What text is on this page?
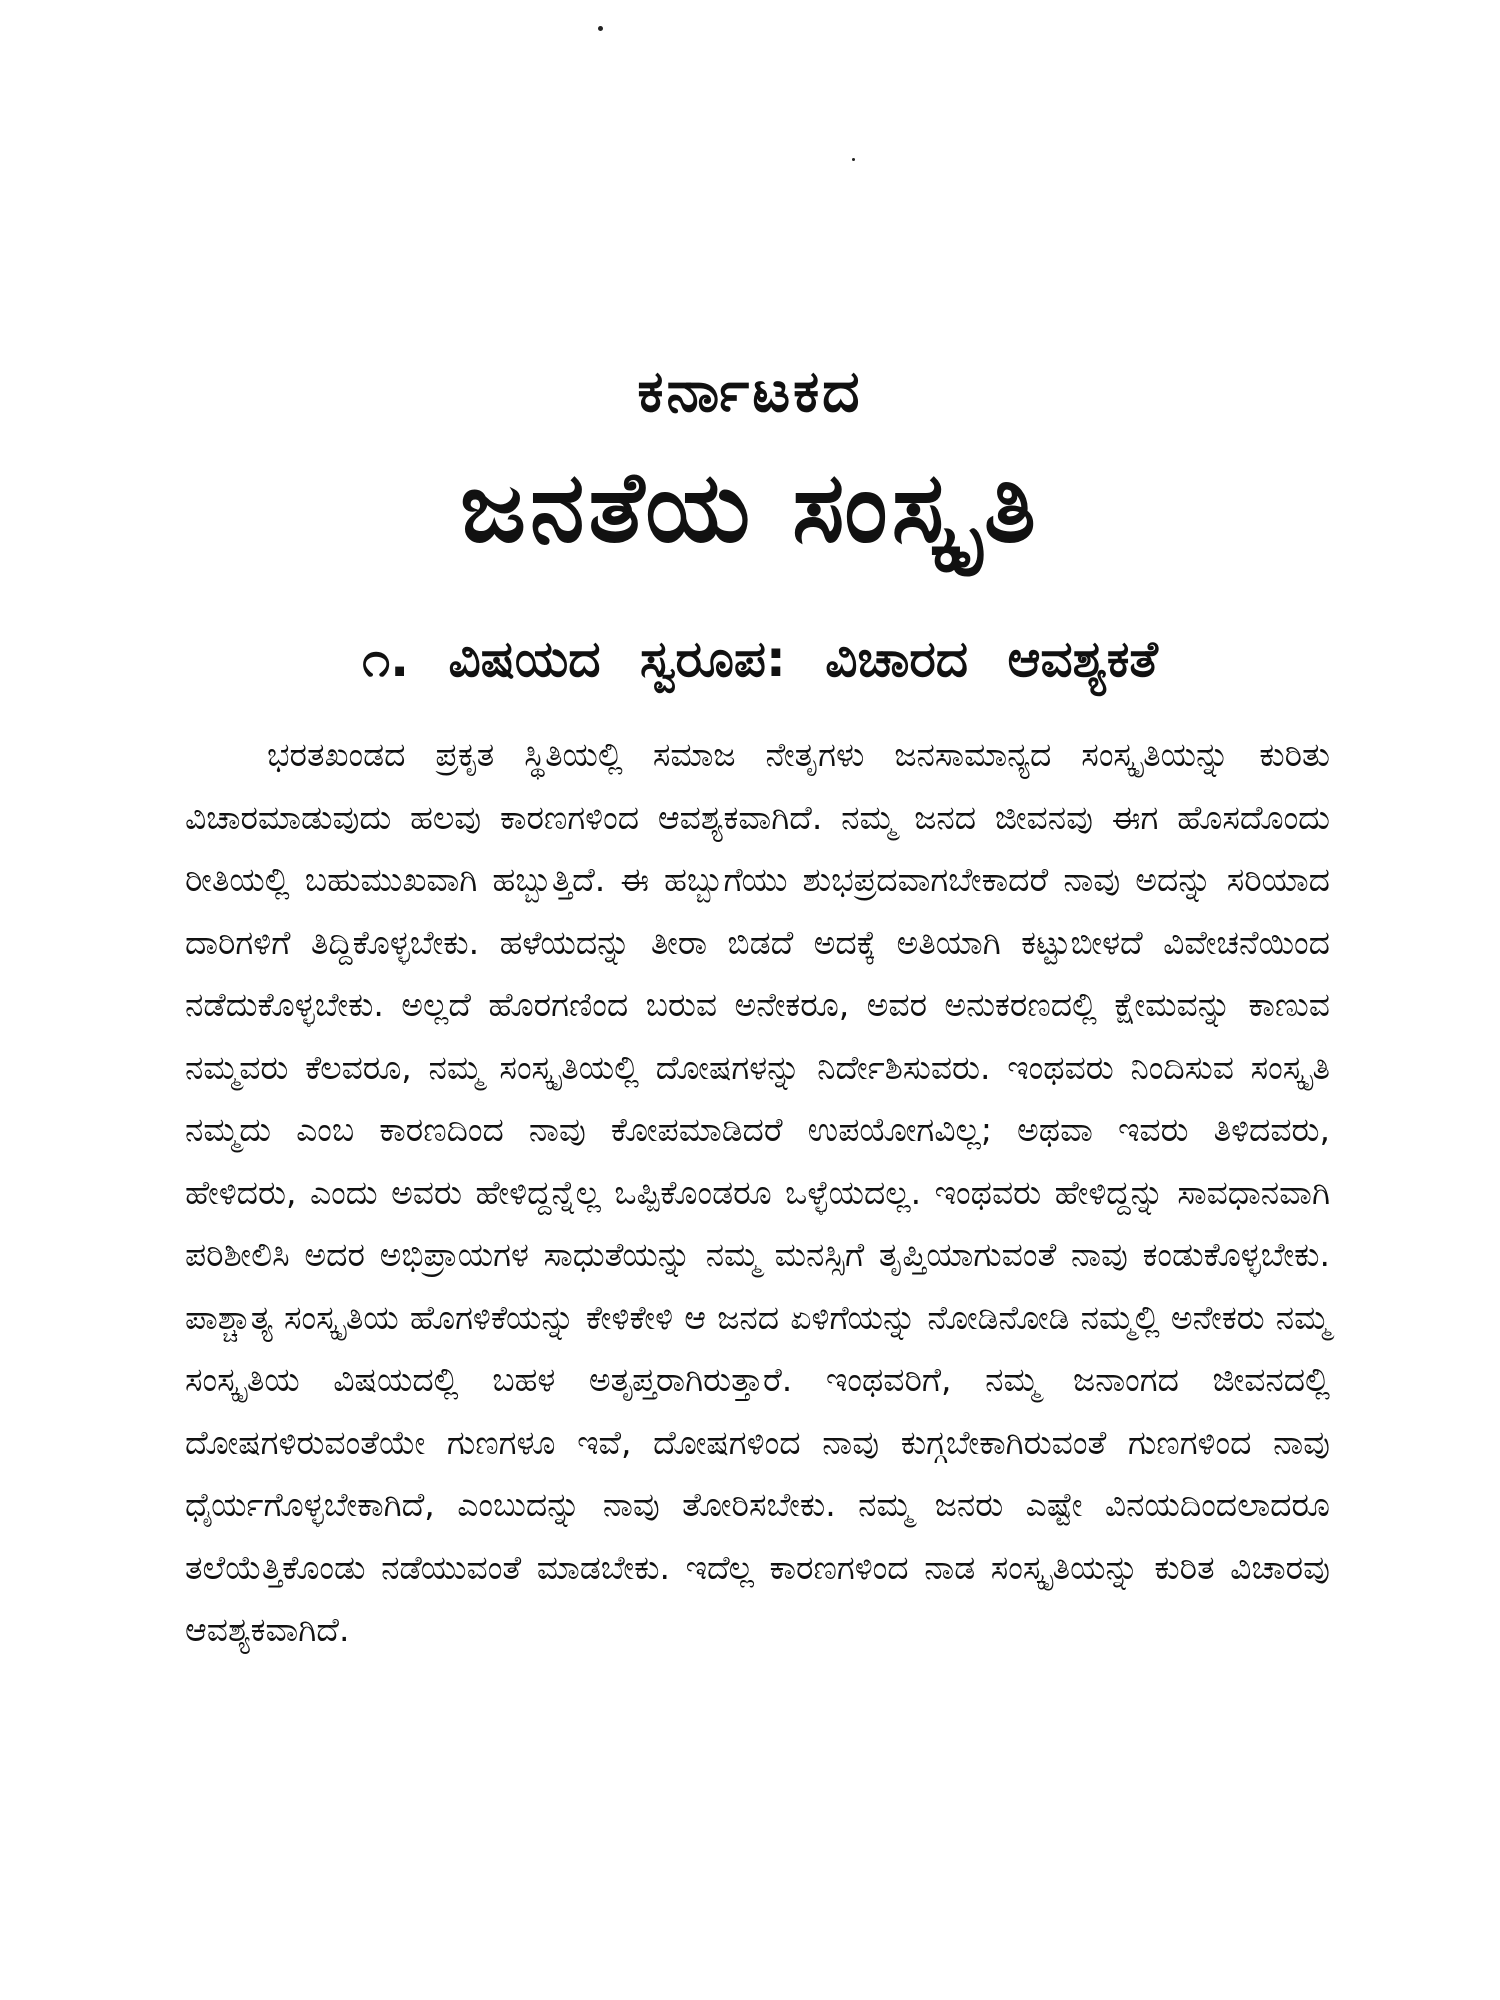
ಕರ್ನಾಟಕದ
ಜನತೆಯ ಸಂಸ್ಕೃತಿ
೧. ವಿಷಯದ ಸ್ವರೂಪ: ವಿಚಾರದ ಆವಶ್ಯಕತೆ

ಭರತಖಂಡದ ಪ್ರಕೃತ ಸ್ಥಿತಿಯಲ್ಲಿ ಸಮಾಜ ನೇತೃಗಳು ಜನಸಾಮಾನ್ಯದ ಸಂಸ್ಕೃತಿಯನ್ನು ಕುರಿತು ವಿಚಾರಮಾಡುವುದು ಹಲವು ಕಾರಣಗಳಿಂದ ಆವಶ್ಯಕವಾಗಿದೆ. ನಮ್ಮ ಜನದ ಜೀವನವು ಈಗ ಹೊಸದೊಂದು ರೀತಿಯಲ್ಲಿ ಬಹುಮುಖವಾಗಿ ಹಬ್ಬುತ್ತಿದೆ. ಈ ಹಬ್ಬುಗೆಯು ಶುಭಪ್ರದವಾಗಬೇಕಾದರೆ ನಾವು ಅದನ್ನು ಸರಿಯಾದ ದಾರಿಗಳಿಗೆ ತಿದ್ದಿಕೊಳ್ಳಬೇಕು. ಹಳೆಯದನ್ನು ತೀರಾ ಬಿಡದೆ ಅದಕ್ಕೆ ಅತಿಯಾಗಿ ಕಟ್ಟುಬೀಳದೆ ವಿವೇಚನೆಯಿಂದ ನಡೆದುಕೊಳ್ಳಬೇಕು. ಅಲ್ಲದೆ ಹೊರಗಣಿಂದ ಬರುವ ಅನೇಕರೂ, ಅವರ ಅನುಕರಣದಲ್ಲಿ ಕ್ಷೇಮವನ್ನು ಕಾಣುವ ನಮ್ಮವರು ಕೆಲವರೂ, ನಮ್ಮ ಸಂಸ್ಕೃತಿಯಲ್ಲಿ ದೋಷಗಳನ್ನು ನಿರ್ದೇಶಿಸುವರು. ಇಂಥವರು ನಿಂದಿಸುವ ಸಂಸ್ಕೃತಿ ನಮ್ಮದು ಎಂಬ ಕಾರಣದಿಂದ ನಾವು ಕೋಪಮಾಡಿದರೆ ಉಪಯೋಗವಿಲ್ಲ; ಅಥವಾ ಇವರು ತಿಳಿದವರು, ಹೇಳಿದರು, ಎಂದು ಅವರು ಹೇಳಿದ್ದನ್ನೆಲ್ಲ ಒಪ್ಪಿಕೊಂಡರೂ ಒಳ್ಳೆಯದಲ್ಲ. ಇಂಥವರು ಹೇಳಿದ್ದನ್ನು ಸಾವಧಾನವಾಗಿ ಪರಿಶೀಲಿಸಿ ಅದರ ಅಭಿಪ್ರಾಯಗಳ ಸಾಧುತೆಯನ್ನು ನಮ್ಮ ಮನಸ್ಸಿಗೆ ತೃಪ್ತಿಯಾಗುವಂತೆ ನಾವು ಕಂಡುಕೊಳ್ಳಬೇಕು. ಪಾಶ್ಚಾತ್ಯ ಸಂಸ್ಕೃತಿಯ ಹೊಗಳಿಕೆಯನ್ನು ಕೇಳಿಕೇಳಿ ಆ ಜನದ ಏಳಿಗೆಯನ್ನು ನೋಡಿನೋಡಿ ನಮ್ಮಲ್ಲಿ ಅನೇಕರು ನಮ್ಮ ಸಂಸ್ಕೃತಿಯ ವಿಷಯದಲ್ಲಿ ಬಹಳ ಅತೃಪ್ತರಾಗಿರುತ್ತಾರೆ. ಇಂಥವರಿಗೆ, ನಮ್ಮ ಜನಾಂಗದ ಜೀವನದಲ್ಲಿ ದೋಷಗಳಿರುವಂತೆಯೇ ಗುಣಗಳೂ ಇವೆ, ದೋಷಗಳಿಂದ ನಾವು ಕುಗ್ಗಬೇಕಾಗಿರುವಂತೆ ಗುಣಗಳಿಂದ ನಾವು ಧೈರ್ಯಗೊಳ್ಳಬೇಕಾಗಿದೆ, ಎಂಬುದನ್ನು ನಾವು ತೋರಿಸಬೇಕು. ನಮ್ಮ ಜನರು ಎಷ್ಟೇ ವಿನಯದಿಂದಲಾದರೂ ತಲೆಯೆತ್ತಿಕೊಂಡು ನಡೆಯುವಂತೆ ಮಾಡಬೇಕು. ಇದೆಲ್ಲ ಕಾರಣಗಳಿಂದ ನಾಡ ಸಂಸ್ಕೃತಿಯನ್ನು ಕುರಿತ ವಿಚಾರವು ಆವಶ್ಯಕವಾಗಿದೆ.
